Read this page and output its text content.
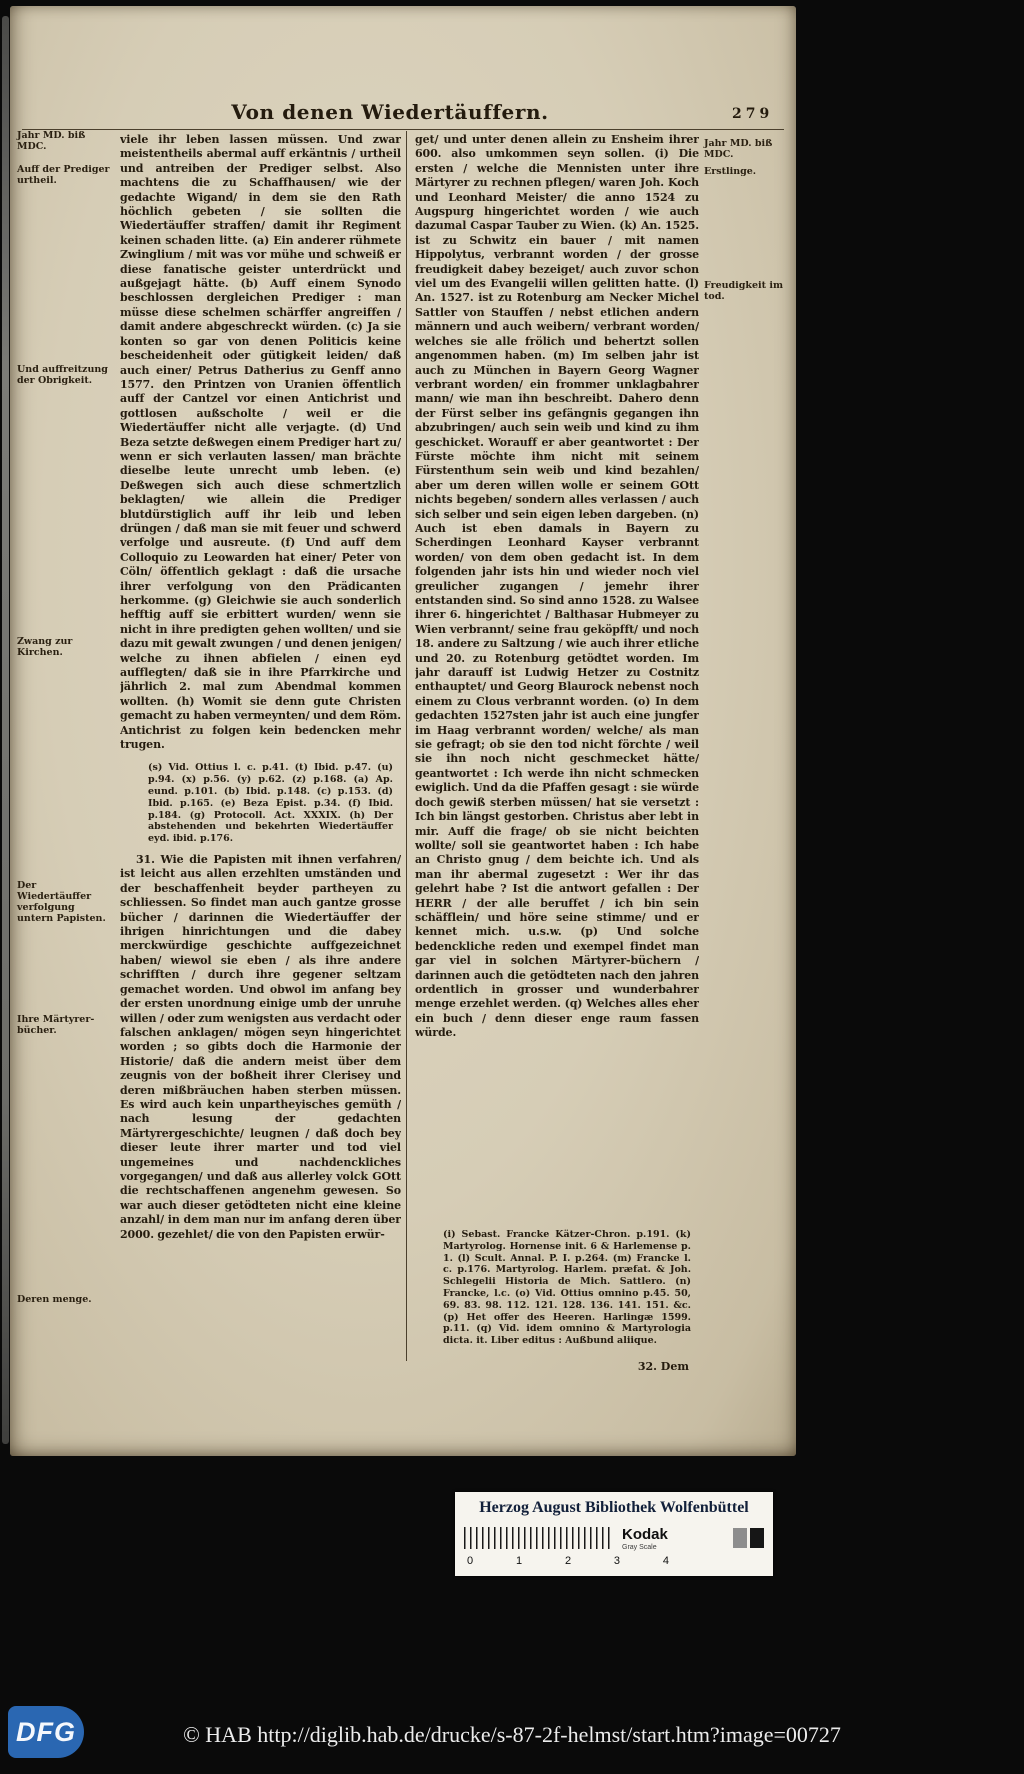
Von denen Wiedertäuffern.	279
Jahr MD. biß MDC.
Auff der Prediger urtheil.
Und auffreitzung der Obrigkeit.
Zwang zur Kirchen.
Der Wiedertäuffer verfolgung untern Papisten.
Ihre Märtyrer-bücher.
Deren menge.
Jahr MD. biß MDC.
Erstlinge.
Freudigkeit im tod.
viele ihr leben lassen müssen. Und zwar meistentheils abermal auff erkäntnis / urtheil und antreiben der Prediger selbst. Also machtens die zu Schaffhausen/ wie der gedachte Wigand/ in dem sie den Rath höchlich gebeten / sie sollten die Wiedertäuffer straffen/ damit ihr Regiment keinen schaden litte. (a) Ein anderer rühmete Zwinglium / mit was vor mühe und schweiß er diese fanatische geister unterdrückt und außgejagt hätte. (b) Auff einem Synodo beschlossen dergleichen Prediger : man müsse diese schelmen schärffer angreiffen / damit andere abgeschreckt würden. (c) Ja sie konten so gar von denen Politicis keine bescheidenheit oder gütigkeit leiden/ daß auch einer/ Petrus Datherius zu Genff anno 1577. den Printzen von Uranien öffentlich auff der Cantzel vor einen Antichrist und gottlosen außscholte / weil er die Wiedertäuffer nicht alle verjagte. (d) Und Beza setzte deßwegen einem Prediger hart zu/ wenn er sich verlauten lassen/ man brächte dieselbe leute unrecht umb leben. (e) Deßwegen sich auch diese schmertzlich beklagten/ wie allein die Prediger blutdürstiglich auff ihr leib und leben drüngen / daß man sie mit feuer und schwerd verfolge und ausreute. (f) Und auff dem Colloquio zu Leowarden hat einer/ Peter von Cöln/ öffentlich geklagt : daß die ursache ihrer verfolgung von den Prädicanten herkomme. (g) Gleichwie sie auch sonderlich hefftig auff sie erbittert wurden/ wenn sie nicht in ihre predigten gehen wollten/ und sie dazu mit gewalt zwungen / und denen jenigen/ welche zu ihnen abfielen / einen eyd aufflegten/ daß sie in ihre Pfarrkirche und jährlich 2. mal zum Abendmal kommen wollten. (h) Womit sie denn gute Christen gemacht zu haben vermeynten/ und dem Röm. Antichrist zu folgen kein bedencken mehr trugen.
(s) Vid. Ottius l. c. p.41. (t) Ibid. p.47. (u) p.94. (x) p.56. (y) p.62. (z) p.168. (a) Ap. eund. p.101. (b) Ibid. p.148. (c) p.153. (d) Ibid. p.165. (e) Beza Epist. p.34. (f) Ibid. p.184. (g) Protocoll. Act. XXXIX. (h) Der abstehenden und bekehrten Wiedertäuffer eyd. ibid. p.176.
31. Wie die Papisten mit ihnen verfahren/ ist leicht aus allen erzehlten umständen und der beschaffenheit beyder partheyen zu schliessen. So findet man auch gantze grosse bücher / darinnen die Wiedertäuffer der ihrigen hinrichtungen und die dabey merckwürdige geschichte auffgezeichnet haben/ wiewol sie eben / als ihre andere schrifften / durch ihre gegener seltzam gemachet worden. Und obwol im anfang bey der ersten unordnung einige umb der unruhe willen / oder zum wenigsten aus verdacht oder falschen anklagen/ mögen seyn hingerichtet worden ; so gibts doch die Harmonie der Historie/ daß die andern meist über dem zeugnis von der boßheit ihrer Clerisey und deren mißbräuchen haben sterben müssen. Es wird auch kein unpartheyisches gemüth / nach lesung der gedachten Märtyrergeschichte/ leugnen / daß doch bey dieser leute ihrer marter und tod viel ungemeines und nachdenckliches vorgegangen/ und daß aus allerley volck GOtt die rechtschaffenen angenehm gewesen. So war auch dieser getödteten nicht eine kleine anzahl/ in dem man nur im anfang deren über 2000. gezehlet/ die von den Papisten erwür-
get/ und unter denen allein zu Ensheim ihrer 600. also umkommen seyn sollen. (i) Die ersten / welche die Mennisten unter ihre Märtyrer zu rechnen pflegen/ waren Joh. Koch und Leonhard Meister/ die anno 1524 zu Augspurg hingerichtet worden / wie auch dazumal Caspar Tauber zu Wien. (k) An. 1525. ist zu Schwitz ein bauer / mit namen Hippolytus, verbrannt worden / der grosse freudigkeit dabey bezeiget/ auch zuvor schon viel um des Evangelii willen gelitten hatte. (l) An. 1527. ist zu Rotenburg am Necker Michel Sattler von Stauffen / nebst etlichen andern männern und auch weibern/ verbrant worden/ welches sie alle frölich und behertzt sollen angenommen haben. (m) Im selben jahr ist auch zu München in Bayern Georg Wagner verbrant worden/ ein frommer unklagbahrer mann/ wie man ihn beschreibt. Dahero denn der Fürst selber ins gefängnis gegangen ihn abzubringen/ auch sein weib und kind zu ihm geschicket. Worauff er aber geantwortet : Der Fürste möchte ihm nicht mit seinem Fürstenthum sein weib und kind bezahlen/ aber um deren willen wolle er seinem GOtt nichts begeben/ sondern alles verlassen / auch sich selber und sein eigen leben dargeben. (n) Auch ist eben damals in Bayern zu Scherdingen Leonhard Kayser verbrannt worden/ von dem oben gedacht ist. In dem folgenden jahr ists hin und wieder noch viel greulicher zugangen / jemehr ihrer entstanden sind. So sind anno 1528. zu Walsee ihrer 6. hingerichtet / Balthasar Hubmeyer zu Wien verbrannt/ seine frau geköpfft/ und noch 18. andere zu Saltzung / wie auch ihrer etliche und 20. zu Rotenburg getödtet worden. Im jahr darauff ist Ludwig Hetzer zu Costnitz enthauptet/ und Georg Blaurock nebenst noch einem zu Clous verbrannt worden. (o) In dem gedachten 1527sten jahr ist auch eine jungfer im Haag verbrannt worden/ welche/ als man sie gefragt; ob sie den tod nicht förchte / weil sie ihn noch nicht geschmecket hätte/ geantwortet : Ich werde ihn nicht schmecken ewiglich. Und da die Pfaffen gesagt : sie würde doch gewiß sterben müssen/ hat sie versetzt : Ich bin längst gestorben. Christus aber lebt in mir. Auff die frage/ ob sie nicht beichten wollte/ soll sie geantwortet haben : Ich habe an Christo gnug / dem beichte ich. Und als man ihr abermal zugesetzt : Wer ihr das gelehrt habe ? Ist die antwort gefallen : Der HERR / der alle beruffet / ich bin sein schäfflein/ und höre seine stimme/ und er kennet mich. u.s.w. (p) Und solche bedenckliche reden und exempel findet man gar viel in solchen Märtyrer-büchern / darinnen auch die getödteten nach den jahren ordentlich in grosser und wunderbahrer menge erzehlet werden. (q) Welches alles eher ein buch / denn dieser enge raum fassen würde.
(i) Sebast. Francke Kätzer-Chron. p.191. (k) Martyrolog. Hornense init. 6 & Harlemense p. 1. (l) Scult. Annal. P. I. p.264. (m) Francke l. c. p.176. Martyrolog. Harlem. præfat. & Joh. Schlegelii Historia de Mich. Sattlero. (n) Francke, l.c. (o) Vid. Ottius omnino p.45. 50, 69. 83. 98. 112. 121. 128. 136. 141. 151. &c. (p) Het offer des Heeren. Harlingæ 1599. p.11. (q) Vid. idem omnino & Martyrologia dicta. it. Liber editus : Außbund aliique.
32. Dem
Herzog August Bibliothek Wolfenbüttel
Kodak
Gray Scale
0	1	2	3	4
DFG	© HAB http://diglib.hab.de/drucke/s-87-2f-helmst/start.htm?image=00727
